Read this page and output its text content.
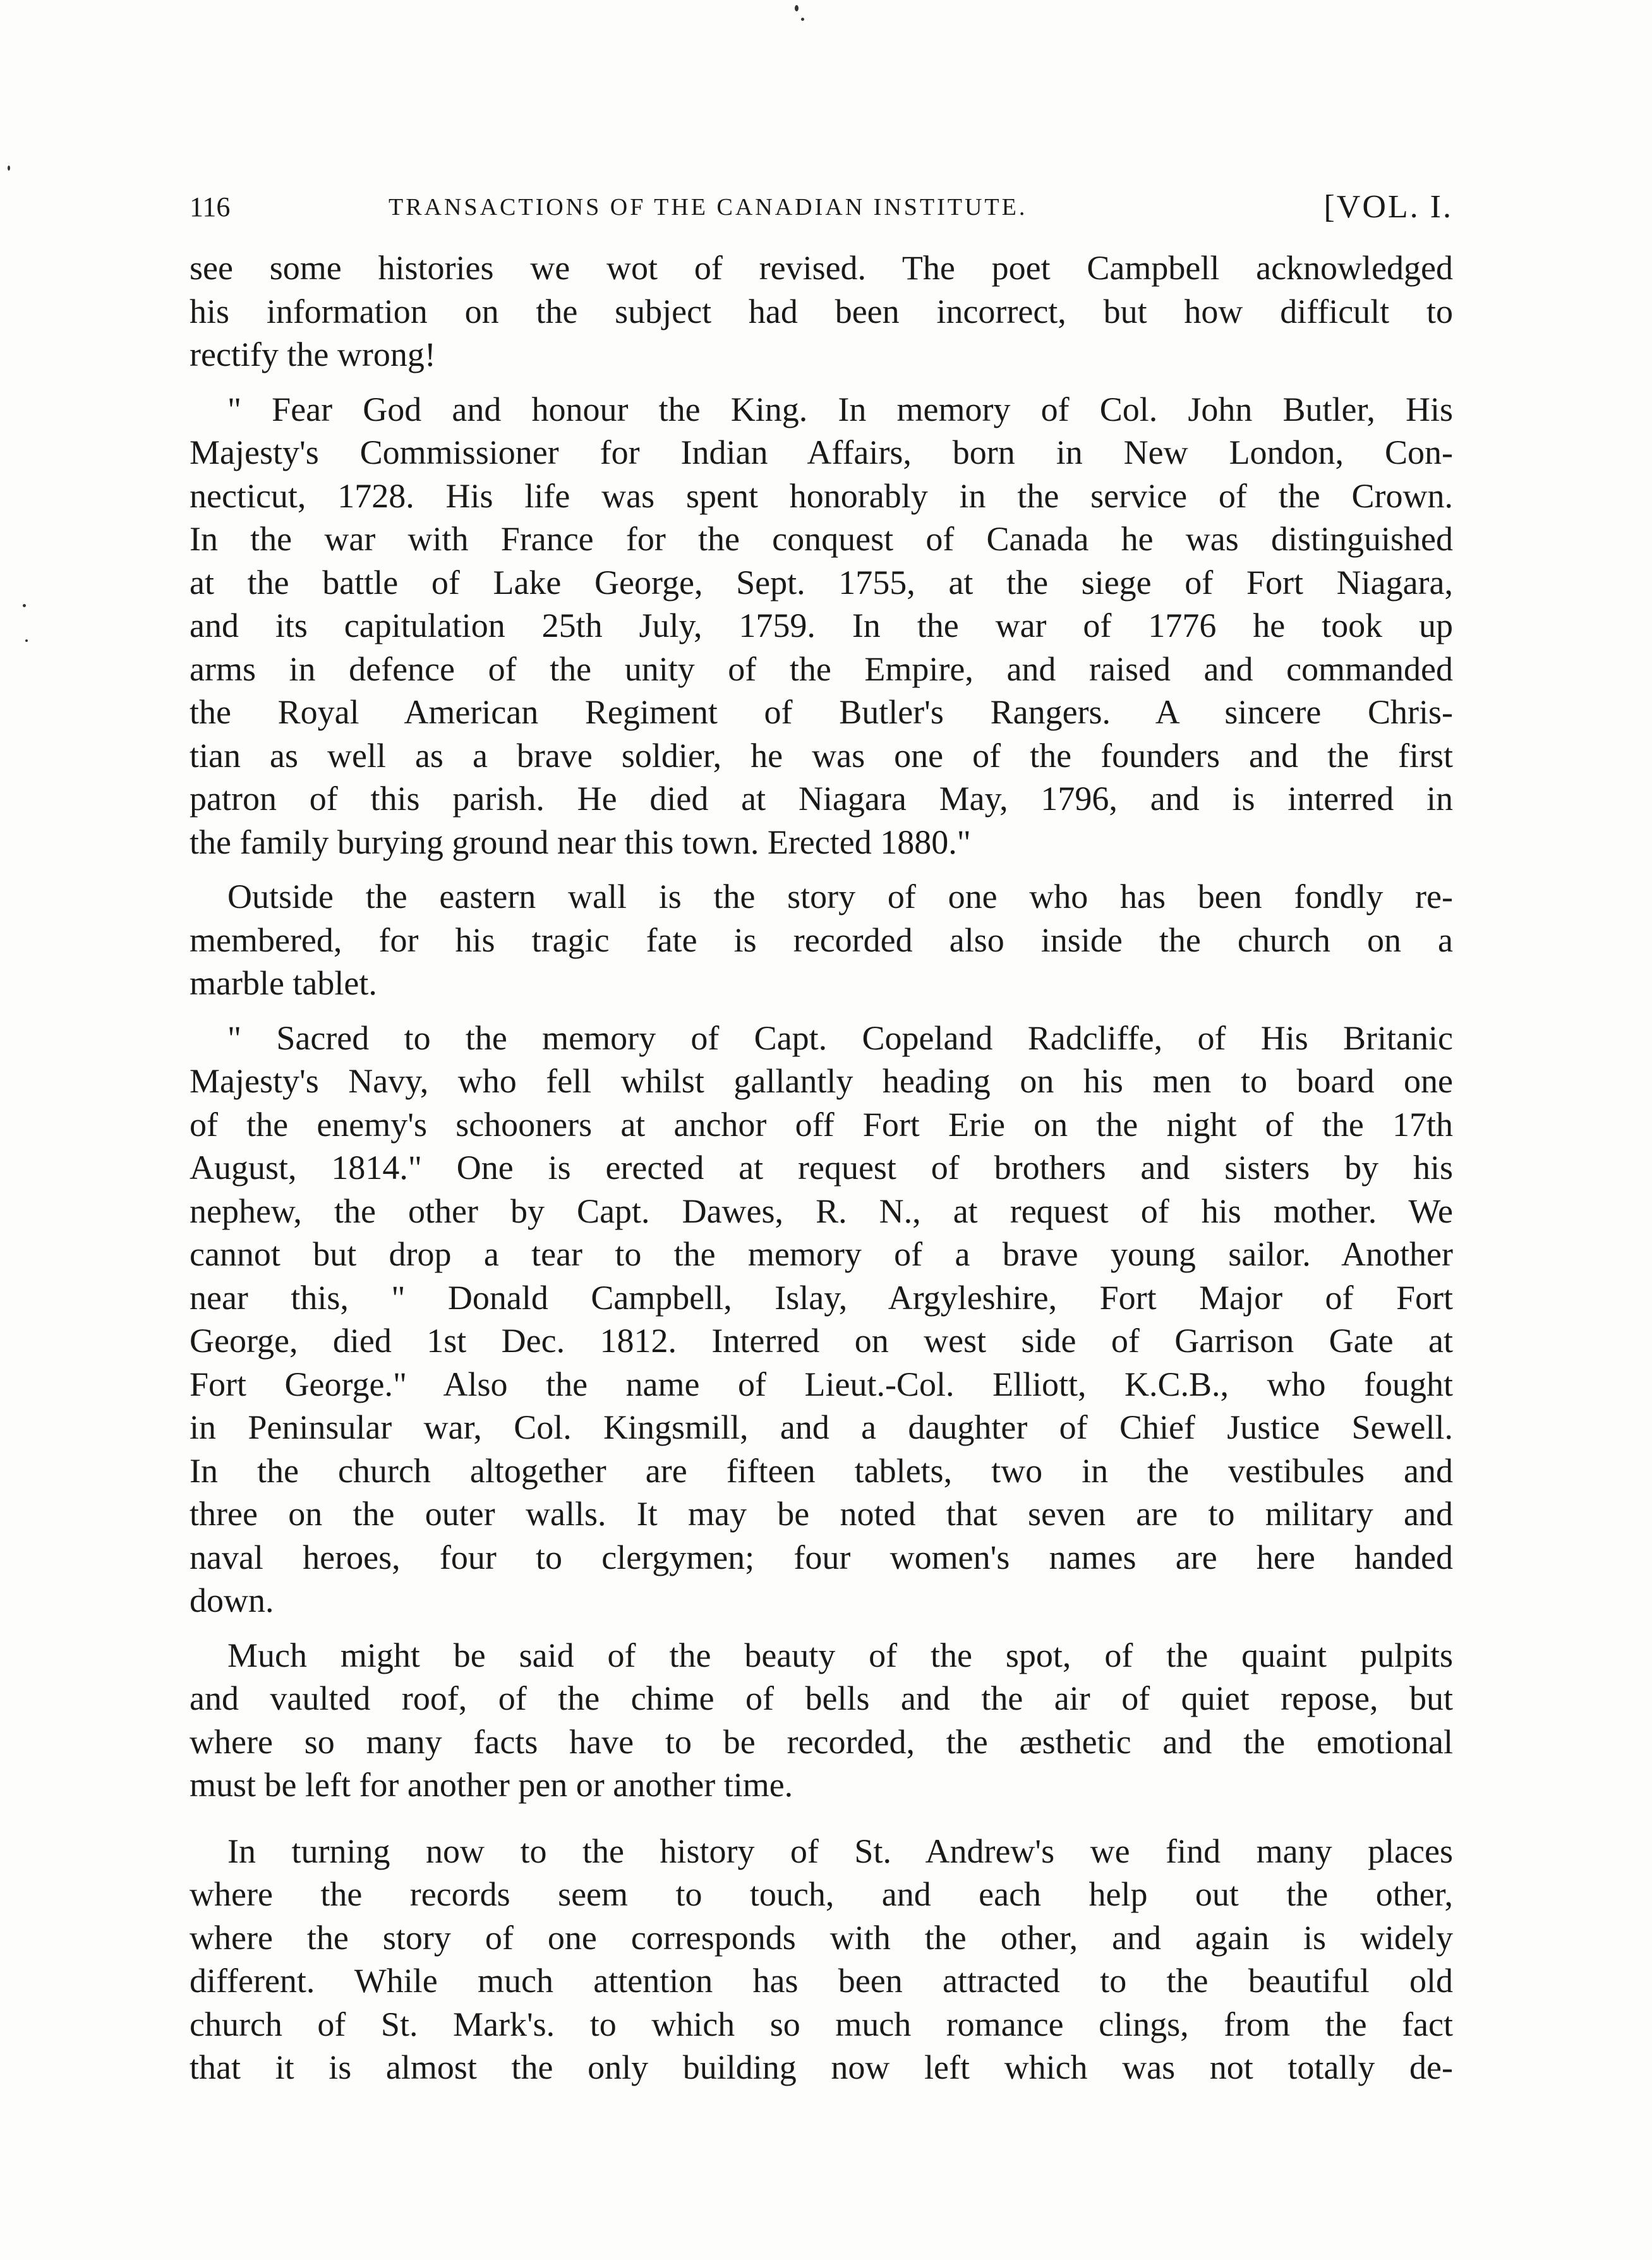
116	TRANSACTIONS OF THE CANADIAN INSTITUTE.	[VOL. I.
see some histories we wot of revised. The poet Campbell acknowledged
his information on the subject had been incorrect, but how difficult to
rectify the wrong!
" Fear God and honour the King. In memory of Col. John Butler, His
Majesty's Commissioner for Indian Affairs, born in New London, Con-
necticut, 1728. His life was spent honorably in the service of the Crown.
In the war with France for the conquest of Canada he was distinguished
at the battle of Lake George, Sept. 1755, at the siege of Fort Niagara,
and its capitulation 25th July, 1759. In the war of 1776 he took up
arms in defence of the unity of the Empire, and raised and commanded
the Royal American Regiment of Butler's Rangers. A sincere Chris-
tian as well as a brave soldier, he was one of the founders and the first
patron of this parish. He died at Niagara May, 1796, and is interred in
the family burying ground near this town. Erected 1880."
Outside the eastern wall is the story of one who has been fondly re-
membered, for his tragic fate is recorded also inside the church on a
marble tablet.
" Sacred to the memory of Capt. Copeland Radcliffe, of His Britanic
Majesty's Navy, who fell whilst gallantly heading on his men to board one
of the enemy's schooners at anchor off Fort Erie on the night of the 17th
August, 1814." One is erected at request of brothers and sisters by his
nephew, the other by Capt. Dawes, R. N., at request of his mother. We
cannot but drop a tear to the memory of a brave young sailor. Another
near this, " Donald Campbell, Islay, Argyleshire, Fort Major of Fort
George, died 1st Dec. 1812. Interred on west side of Garrison Gate at
Fort George." Also the name of Lieut.-Col. Elliott, K.C.B., who fought
in Peninsular war, Col. Kingsmill, and a daughter of Chief Justice Sewell.
In the church altogether are fifteen tablets, two in the vestibules and
three on the outer walls. It may be noted that seven are to military and
naval heroes, four to clergymen; four women's names are here handed
down.
Much might be said of the beauty of the spot, of the quaint pulpits
and vaulted roof, of the chime of bells and the air of quiet repose, but
where so many facts have to be recorded, the æsthetic and the emotional
must be left for another pen or another time.
In turning now to the history of St. Andrew's we find many places
where the records seem to touch, and each help out the other,
where the story of one corresponds with the other, and again is widely
different. While much attention has been attracted to the beautiful old
church of St. Mark's. to which so much romance clings, from the fact
that it is almost the only building now left which was not totally de-
